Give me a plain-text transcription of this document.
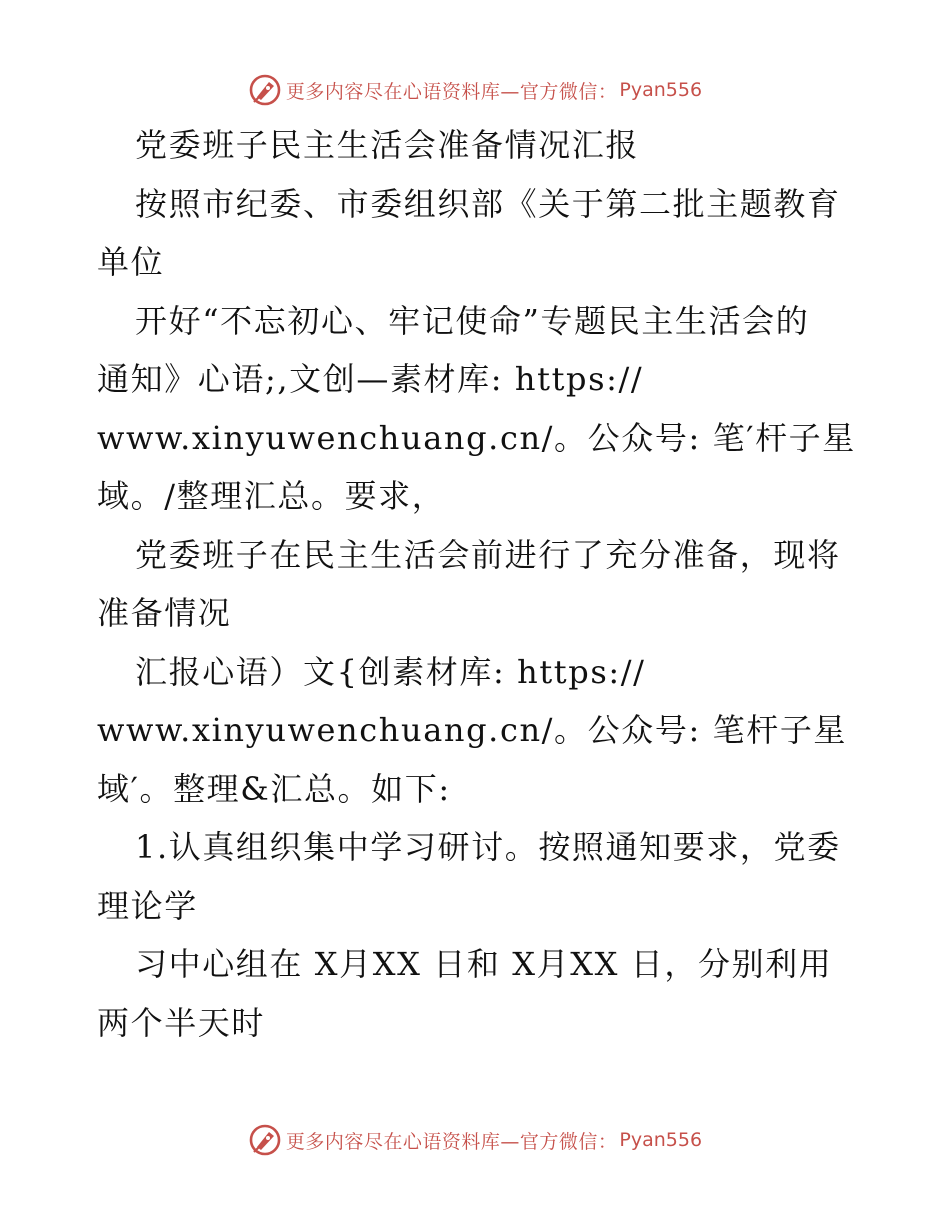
更多内容尽在心语资料库—官方微信： Pyan556
党委班子民主生活会准备情况汇报
按照市纪委、市委组织部《关于第二批主题教育
单位
开好“不忘初心、牢记使命”专题民主生活会的
通知》心语;,文创—素材库: https://
www.xinyuwenchuang.cn/。公众号: 笔′杆子星
域。/整理汇总。要求，
党委班子在民主生活会前进行了充分准备，现将
准备情况
汇报心语）文{创素材库: https://
www.xinyuwenchuang.cn/。公众号: 笔杆子星
域′。整理&汇总。如下:
1.认真组织集中学习研讨。按照通知要求，党委
理论学
习中心组在 X月XX 日和 X月XX 日，分别利用
两个半天时
更多内容尽在心语资料库—官方微信： Pyan556
